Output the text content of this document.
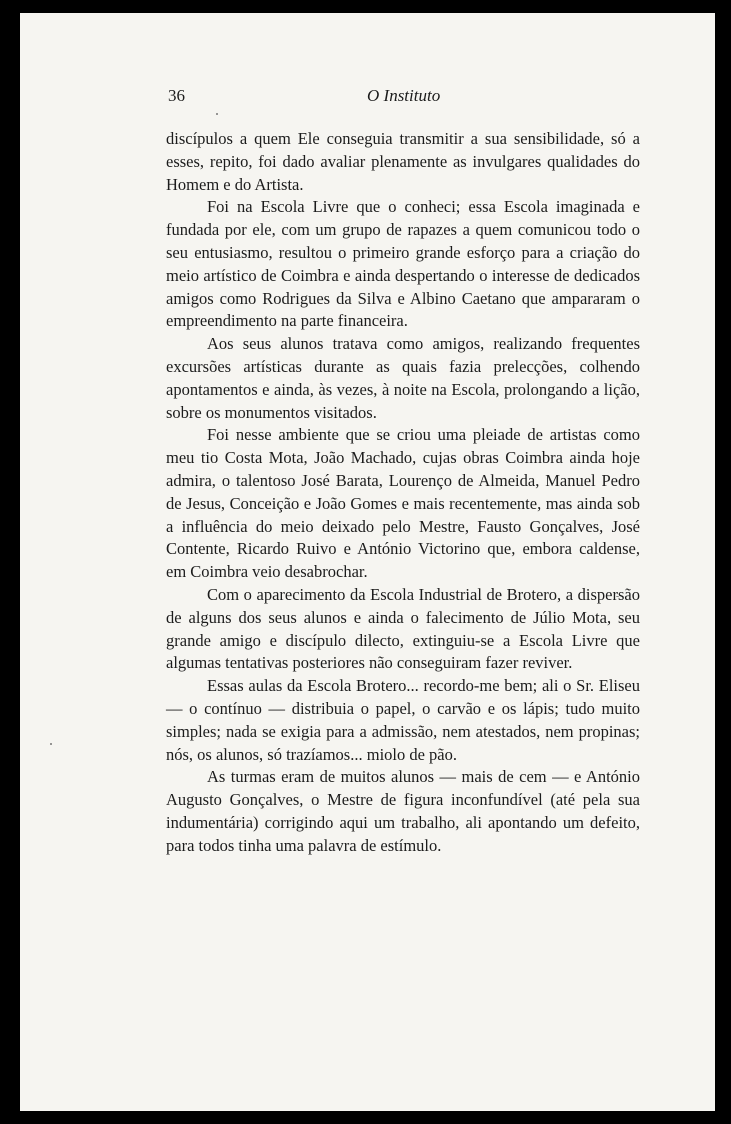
36	O Instituto

discípulos a quem Ele conseguia transmitir a sua sensibilidade, só a esses, repito, foi dado avaliar plenamente as invulgares qualidades do Homem e do Artista.

Foi na Escola Livre que o conheci; essa Escola imaginada e fundada por ele, com um grupo de rapazes a quem comunicou todo o seu entusiasmo, resultou o primeiro grande esforço para a criação do meio artístico de Coimbra e ainda despertando o interesse de dedicados amigos como Rodrigues da Silva e Albino Caetano que ampararam o empreendimento na parte financeira.

Aos seus alunos tratava como amigos, realizando frequentes excursões artísticas durante as quais fazia prelecções, colhendo apontamentos e ainda, às vezes, à noite na Escola, prolongando a lição, sobre os monumentos visitados.

Foi nesse ambiente que se criou uma pleiade de artistas como meu tio Costa Mota, João Machado, cujas obras Coimbra ainda hoje admira, o talentoso José Barata, Lourenço de Almeida, Manuel Pedro de Jesus, Conceição e João Gomes e mais recentemente, mas ainda sob a influência do meio deixado pelo Mestre, Fausto Gonçalves, José Contente, Ricardo Ruivo e António Victorino que, embora caldense, em Coimbra veio desabrochar.

Com o aparecimento da Escola Industrial de Brotero, a dispersão de alguns dos seus alunos e ainda o falecimento de Júlio Mota, seu grande amigo e discípulo dilecto, extinguiu-se a Escola Livre que algumas tentativas posteriores não conseguiram fazer reviver.

Essas aulas da Escola Brotero... recordo-me bem; ali o Sr. Eliseu — o contínuo — distribuia o papel, o carvão e os lápis; tudo muito simples; nada se exigia para a admissão, nem atestados, nem propinas; nós, os alunos, só trazíamos... miolo de pão.

As turmas eram de muitos alunos — mais de cem — e António Augusto Gonçalves, o Mestre de figura inconfundível (até pela sua indumentária) corrigindo aqui um trabalho, ali apontando um defeito, para todos tinha uma palavra de estímulo.
